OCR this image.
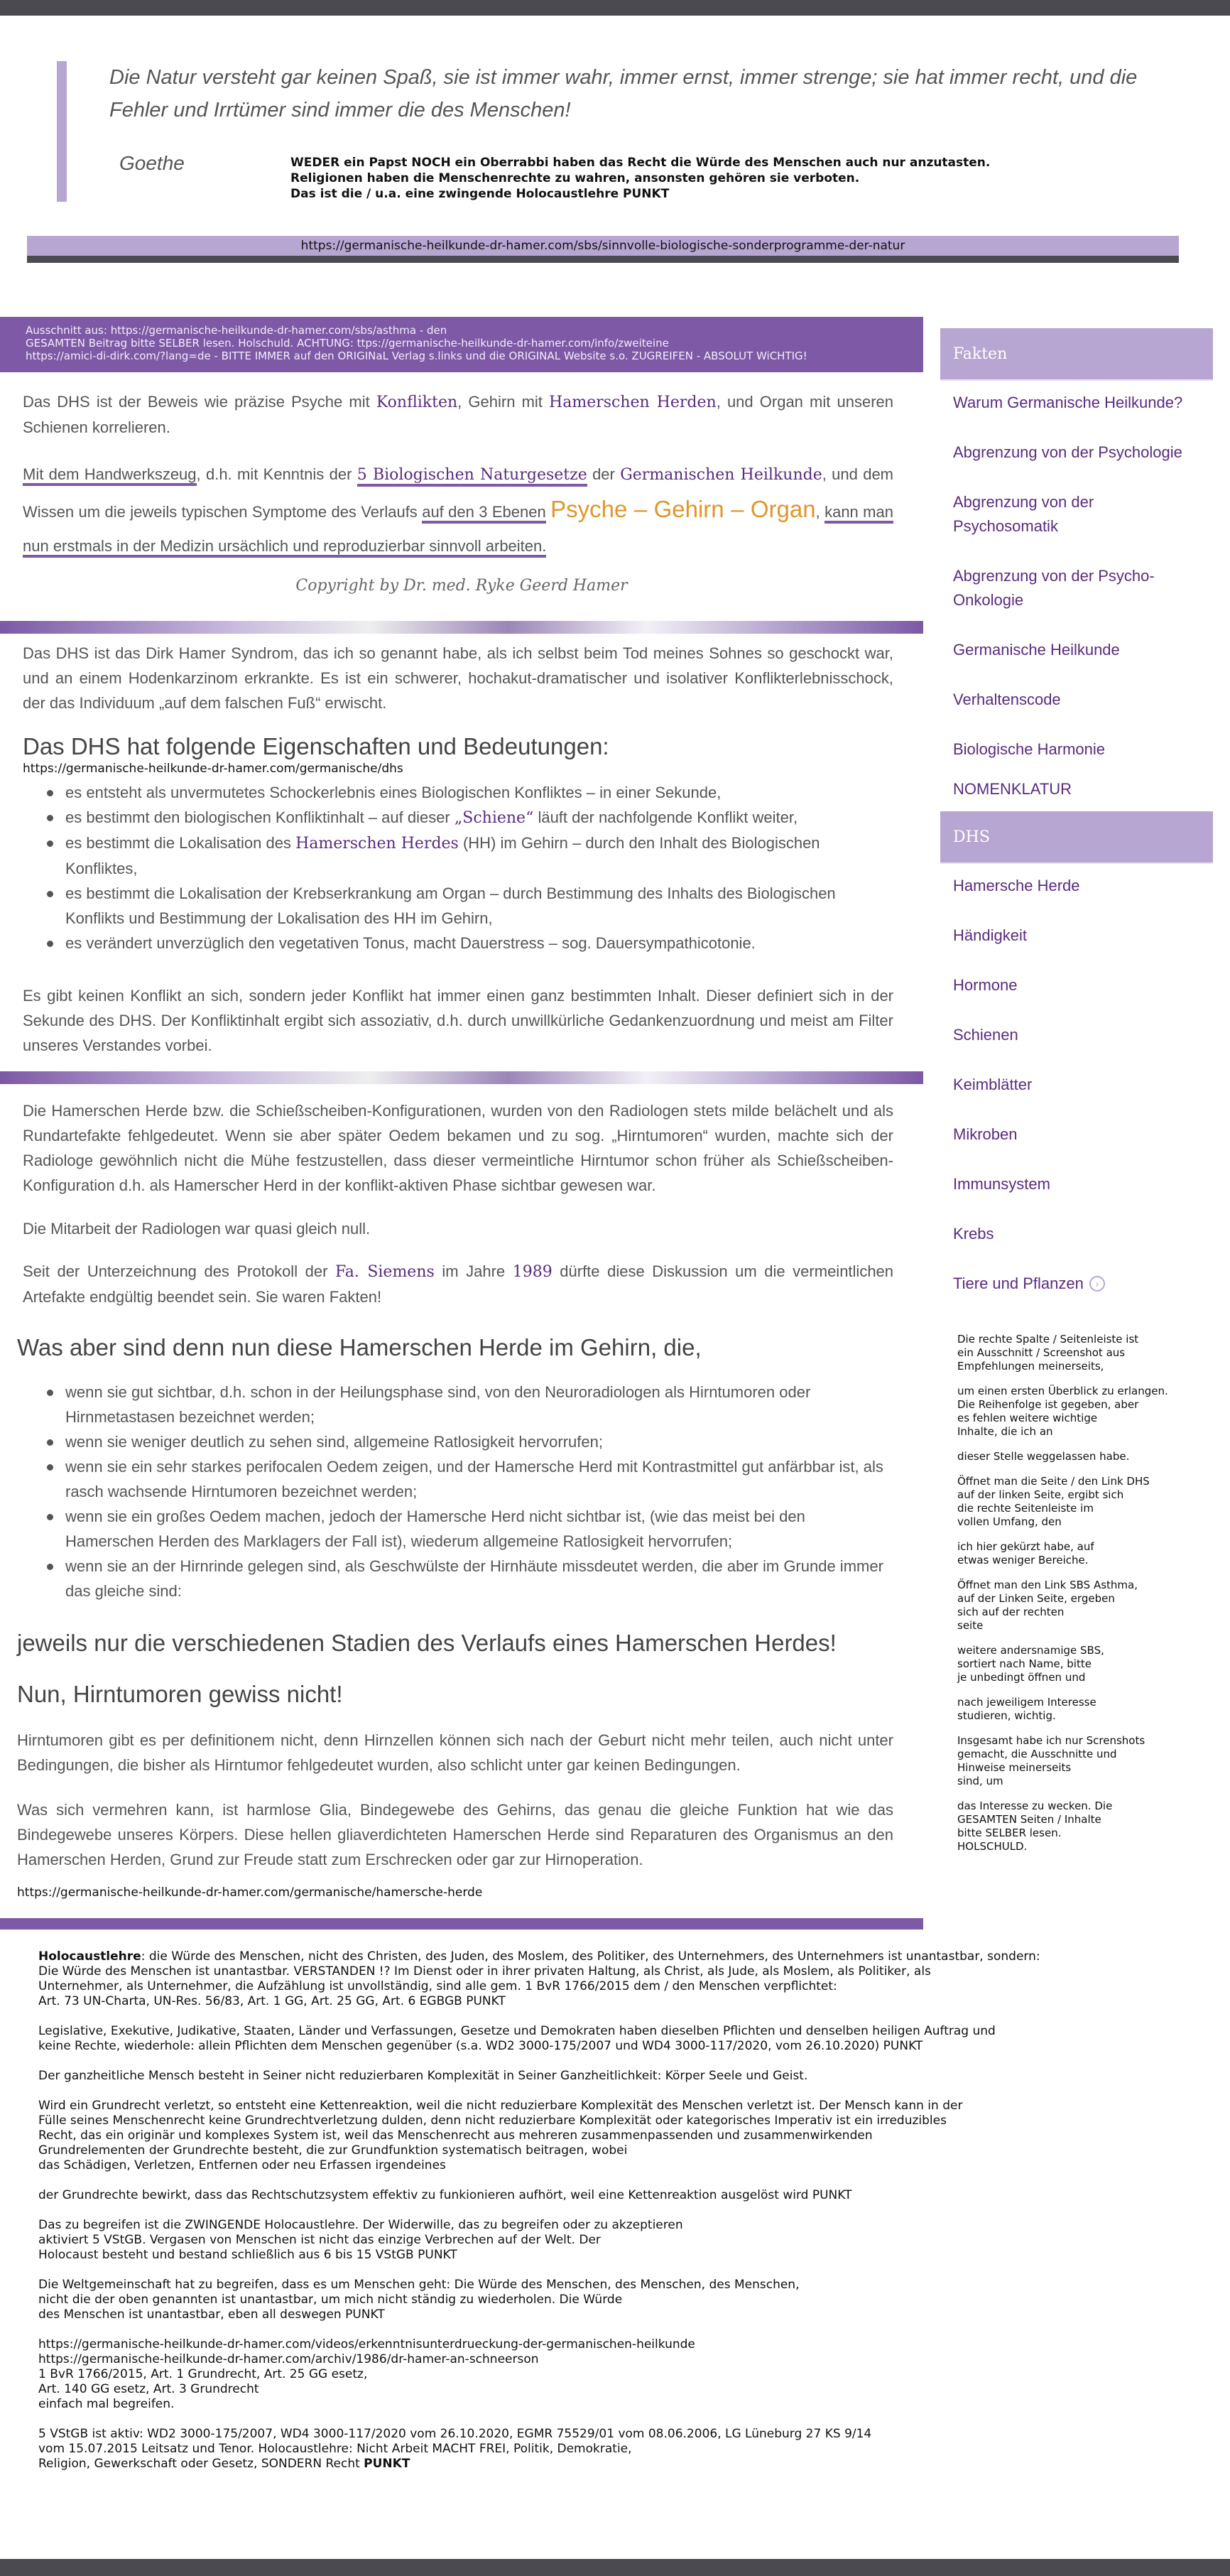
Die Natur versteht gar keinen Spaß, sie ist immer wahr, immer ernst, immer strenge; sie hat immer recht, und die Fehler und Irrtümer sind immer die des Menschen!
Goethe	WEDER ein Papst NOCH ein Oberrabbi haben das Recht die Würde des Menschen auch nur anzutasten.
Religionen haben die Menschenrechte zu wahren, ansonsten gehören sie verboten.
Das ist die / u.a. eine zwingende Holocaustlehre PUNKT
https://germanische-heilkunde-dr-hamer.com/sbs/sinnvolle-biologische-sonderprogramme-der-natur
Ausschnitt aus: https://germanische-heilkunde-dr-hamer.com/sbs/asthma - den
GESAMTEN Beitrag bitte SELBER lesen. Holschuld. ACHTUNG: ttps://germanische-heilkunde-dr-hamer.com/info/zweiteine
https://amici-di-dirk.com/?lang=de - BITTE IMMER auf den ORIGINaL Verlag s.links und die ORIGINAL Website s.o. ZUGREIFEN - ABSOLUT WiCHTIG!
Das DHS ist der Beweis wie präzise Psyche mit Konflikten, Gehirn mit Hamerschen Herden, und Organ mit unseren Schienen korrelieren.
Mit dem Handwerkszeug, d.h. mit Kenntnis der 5 Biologischen Naturgesetze der Germanischen Heilkunde, und dem Wissen um die jeweils typischen Symptome des Verlaufs auf den 3 Ebenen Psyche – Gehirn – Organ, kann man nun erstmals in der Medizin ursächlich und reproduzierbar sinnvoll arbeiten.
Copyright by Dr. med. Ryke Geerd Hamer
Das DHS ist das Dirk Hamer Syndrom, das ich so genannt habe, als ich selbst beim Tod meines Sohnes so geschockt war, und an einem Hodenkarzinom erkrankte. Es ist ein schwerer, hochakut-dramatischer und isolativer Konflikterlebnisschock, der das Individuum „auf dem falschen Fuß“ erwischt.
Das DHS hat folgende Eigenschaften und Bedeutungen:
https://germanische-heilkunde-dr-hamer.com/germanische/dhs
es entsteht als unvermutetes Schockerlebnis eines Biologischen Konfliktes – in einer Sekunde,
es bestimmt den biologischen Konfliktinhalt – auf dieser „Schiene“ läuft der nachfolgende Konflikt weiter,
es bestimmt die Lokalisation des Hamerschen Herdes (HH) im Gehirn – durch den Inhalt des Biologischen Konfliktes,
es bestimmt die Lokalisation der Krebserkrankung am Organ – durch Bestimmung des Inhalts des Biologischen Konflikts und Bestimmung der Lokalisation des HH im Gehirn,
es verändert unverzüglich den vegetativen Tonus, macht Dauerstress – sog. Dauersympathicotonie.
Es gibt keinen Konflikt an sich, sondern jeder Konflikt hat immer einen ganz bestimmten Inhalt. Dieser definiert sich in der Sekunde des DHS. Der Konfliktinhalt ergibt sich assoziativ, d.h. durch unwillkürliche Gedankenzuordnung und meist am Filter unseres Verstandes vorbei.
Die Hamerschen Herde bzw. die Schießscheiben-Konfigurationen, wurden von den Radiologen stets milde belächelt und als Rundartefakte fehlgedeutet. Wenn sie aber später Oedem bekamen und zu sog. „Hirntumoren“ wurden, machte sich der Radiologe gewöhnlich nicht die Mühe festzustellen, dass dieser vermeintliche Hirntumor schon früher als Schießscheiben-Konfiguration d.h. als Hamerscher Herd in der konflikt-aktiven Phase sichtbar gewesen war.
Die Mitarbeit der Radiologen war quasi gleich null.
Seit der Unterzeichnung des Protokoll der Fa. Siemens im Jahre 1989 dürfte diese Diskussion um die vermeintlichen Artefakte endgültig beendet sein. Sie waren Fakten!
Was aber sind denn nun diese Hamerschen Herde im Gehirn, die,
wenn sie gut sichtbar, d.h. schon in der Heilungsphase sind, von den Neuroradiologen als Hirntumoren oder Hirnmetastasen bezeichnet werden;
wenn sie weniger deutlich zu sehen sind, allgemeine Ratlosigkeit hervorrufen;
wenn sie ein sehr starkes perifocalen Oedem zeigen, und der Hamersche Herd mit Kontrastmittel gut anfärbbar ist, als rasch wachsende Hirntumoren bezeichnet werden;
wenn sie ein großes Oedem machen, jedoch der Hamersche Herd nicht sichtbar ist, (wie das meist bei den Hamerschen Herden des Marklagers der Fall ist), wiederum allgemeine Ratlosigkeit hervorrufen;
wenn sie an der Hirnrinde gelegen sind, als Geschwülste der Hirnhäute missdeutet werden, die aber im Grunde immer das gleiche sind:
jeweils nur die verschiedenen Stadien des Verlaufs eines Hamerschen Herdes!
Nun, Hirntumoren gewiss nicht!
Hirntumoren gibt es per definitionem nicht, denn Hirnzellen können sich nach der Geburt nicht mehr teilen, auch nicht unter Bedingungen, die bisher als Hirntumor fehlgedeutet wurden, also schlicht unter gar keinen Bedingungen.
Was sich vermehren kann, ist harmlose Glia, Bindegewebe des Gehirns, das genau die gleiche Funktion hat wie das Bindegewebe unseres Körpers. Diese hellen gliaverdichteten Hamerschen Herde sind Reparaturen des Organismus an den Hamerschen Herden, Grund zur Freude statt zum Erschrecken oder gar zur Hirnoperation.
https://germanische-heilkunde-dr-hamer.com/germanische/hamersche-herde
Fakten
Warum Germanische Heilkunde?
Abgrenzung von der Psychologie
Abgrenzung von der Psychosomatik
Abgrenzung von der Psycho-Onkologie
Germanische Heilkunde
Verhaltenscode
Biologische Harmonie
NOMENKLATUR
DHS
Hamersche Herde
Händigkeit
Hormone
Schienen
Keimblätter
Mikroben
Immunsystem
Krebs
Tiere und Pflanzen	›
Die rechte Spalte / Seitenleiste ist
ein Ausschnitt / Screenshot aus
Empfehlungen meinerseits,
um einen ersten Überblick zu erlangen.
Die Reihenfolge ist gegeben, aber
es fehlen weitere wichtige
Inhalte, die ich an
dieser Stelle weggelassen habe.
Öffnet man die Seite / den Link DHS
auf der linken Seite, ergibt sich
die rechte Seitenleiste im
vollen Umfang, den
ich hier gekürzt habe, auf
etwas weniger Bereiche.
Öffnet man den Link SBS Asthma,
auf der Linken Seite, ergeben
sich auf der rechten
seite
weitere andersnamige SBS,
sortiert nach Name, bitte
je unbedingt öffnen und
nach jeweiligem Interesse
studieren, wichtig.
Insgesamt habe ich nur Screnshots
gemacht, die Ausschnitte und
Hinweise meinerseits
sind, um
das Interesse zu wecken. Die
GESAMTEN Seiten / Inhalte
bitte SELBER lesen.
HOLSCHULD.

Holocaustlehre: die Würde des Menschen, nicht des Christen, des Juden, des Moslem, des Politiker, des Unternehmers, des Unternehmers ist unantastbar, sondern:
Die Würde des Menschen ist unantastbar. VERSTANDEN !? Im Dienst oder in ihrer privaten Haltung, als Christ, als Jude, als Moslem, als Politiker, als
Unternehmer, als Unternehmer, die Aufzählung ist unvollständig, sind alle gem. 1 BvR 1766/2015 dem / den Menschen verpflichtet:
Art. 73 UN-Charta, UN-Res. 56/83, Art. 1 GG, Art. 25 GG, Art. 6 EGBGB PUNKT

Legislative, Exekutive, Judikative, Staaten, Länder und Verfassungen, Gesetze und Demokraten haben dieselben Pflichten und denselben heiligen Auftrag und
keine Rechte, wiederhole: allein Pflichten dem Menschen gegenüber (s.a. WD2 3000-175/2007 und WD4 3000-117/2020, vom 26.10.2020) PUNKT

Der ganzheitliche Mensch besteht in Seiner nicht reduzierbaren Komplexität in Seiner Ganzheitlichkeit: Körper Seele und Geist.

Wird ein Grundrecht verletzt, so entsteht eine Kettenreaktion, weil die nicht reduzierbare Komplexität des Menschen verletzt ist. Der Mensch kann in der
Fülle seines Menschenrecht keine Grundrechtverletzung dulden, denn nicht reduzierbare Komplexität oder kategorisches Imperativ ist ein irreduzibles
Recht, das ein originär und komplexes System ist, weil das Menschenrecht aus mehreren zusammenpassenden und zusammenwirkenden
Grundrelementen der Grundrechte besteht, die zur Grundfunktion systematisch beitragen, wobei
das Schädigen, Verletzen, Entfernen oder neu Erfassen irgendeines

der Grundrechte bewirkt, dass das Rechtschutzsystem effektiv zu funkionieren aufhört, weil eine Kettenreaktion ausgelöst wird PUNKT

Das zu begreifen ist die ZWINGENDE Holocaustlehre. Der Widerwille, das zu begreifen oder zu akzeptieren
aktiviert 5 VStGB. Vergasen von Menschen ist nicht das einzige Verbrechen auf der Welt. Der
Holocaust besteht und bestand schließlich aus 6 bis 15 VStGB PUNKT

Die Weltgemeinschaft hat zu begreifen, dass es um Menschen geht: Die Würde des Menschen, des Menschen, des Menschen,
nicht die der oben genannten ist unantastbar, um mich nicht ständig zu wiederholen. Die Würde
des Menschen ist unantastbar, eben all deswegen PUNKT

https://germanische-heilkunde-dr-hamer.com/videos/erkenntnisunterdrueckung-der-germanischen-heilkunde
https://germanische-heilkunde-dr-hamer.com/archiv/1986/dr-hamer-an-schneerson
1 BvR 1766/2015, Art. 1 Grundrecht, Art. 25 GG esetz,
Art. 140 GG esetz, Art. 3 Grundrecht
einfach mal begreifen.

5 VStGB ist aktiv: WD2 3000-175/2007, WD4 3000-117/2020 vom 26.10.2020, EGMR 75529/01 vom 08.06.2006, LG Lüneburg 27 KS 9/14
vom 15.07.2015 Leitsatz und Tenor. Holocaustlehre: Nicht Arbeit MACHT FREI, Politik, Demokratie,
Religion, Gewerkschaft oder Gesetz, SONDERN Recht PUNKT
